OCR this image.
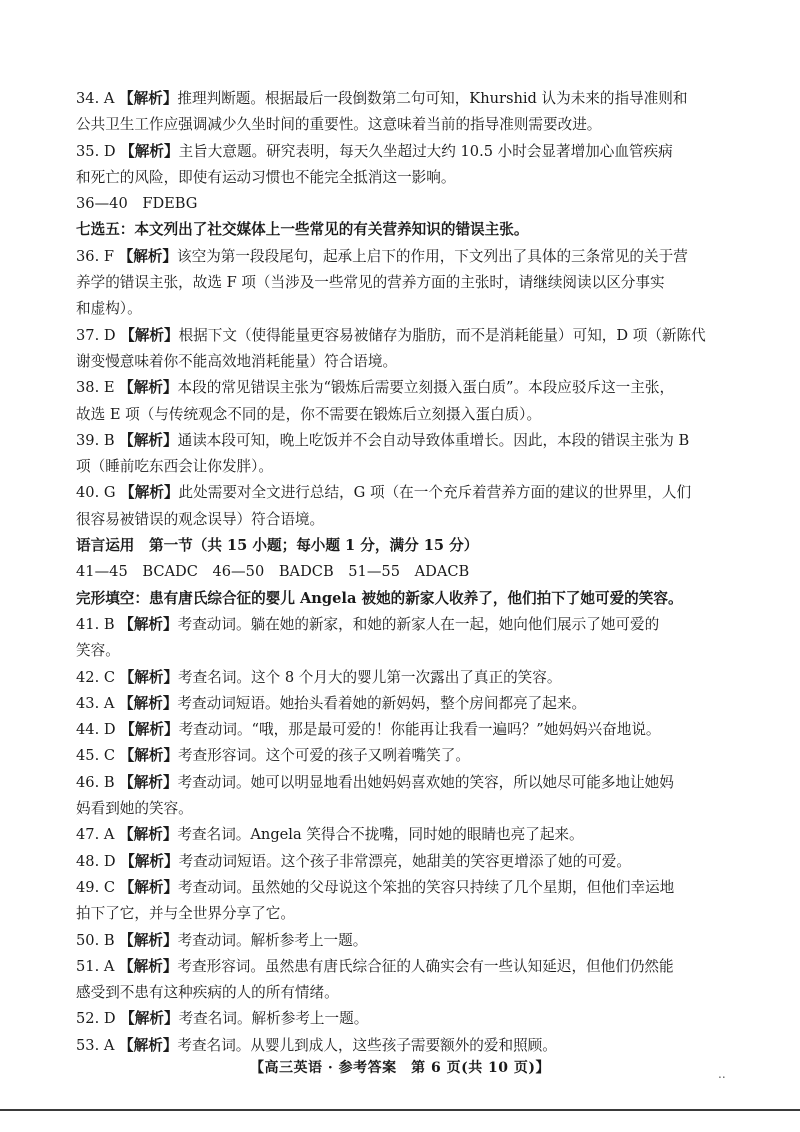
34. A 【解析】推理判断题。根据最后一段倒数第二句可知，Khurshid 认为未来的指导准则和
公共卫生工作应强调减少久坐时间的重要性。这意味着当前的指导准则需要改进。
35. D 【解析】主旨大意题。研究表明，每天久坐超过大约 10.5 小时会显著增加心血管疾病
和死亡的风险，即使有运动习惯也不能完全抵消这一影响。
36—40　FDEBG
七选五：本文列出了社交媒体上一些常见的有关营养知识的错误主张。
36. F 【解析】该空为第一段段尾句，起承上启下的作用，下文列出了具体的三条常见的关于营
养学的错误主张，故选 F 项（当涉及一些常见的营养方面的主张时，请继续阅读以区分事实
和虚构）。
37. D 【解析】根据下文（使得能量更容易被储存为脂肪，而不是消耗能量）可知，D 项（新陈代
谢变慢意味着你不能高效地消耗能量）符合语境。
38. E 【解析】本段的常见错误主张为“锻炼后需要立刻摄入蛋白质”。本段应驳斥这一主张，
故选 E 项（与传统观念不同的是，你不需要在锻炼后立刻摄入蛋白质）。
39. B 【解析】通读本段可知，晚上吃饭并不会自动导致体重增长。因此，本段的错误主张为 B
项（睡前吃东西会让你发胖）。
40. G 【解析】此处需要对全文进行总结，G 项（在一个充斥着营养方面的建议的世界里，人们
很容易被错误的观念误导）符合语境。
语言运用　第一节（共 15 小题；每小题 1 分，满分 15 分）
41—45　BCADC　46—50　BADCB　51—55　ADACB
完形填空：患有唐氏综合征的婴儿 Angela 被她的新家人收养了，他们拍下了她可爱的笑容。
41. B 【解析】考查动词。躺在她的新家，和她的新家人在一起，她向他们展示了她可爱的
笑容。
42. C 【解析】考查名词。这个 8 个月大的婴儿第一次露出了真正的笑容。
43. A 【解析】考查动词短语。她抬头看着她的新妈妈，整个房间都亮了起来。
44. D 【解析】考查动词。“哦，那是最可爱的！你能再让我看一遍吗？”她妈妈兴奋地说。
45. C 【解析】考查形容词。这个可爱的孩子又咧着嘴笑了。
46. B 【解析】考查动词。她可以明显地看出她妈妈喜欢她的笑容，所以她尽可能多地让她妈
妈看到她的笑容。
47. A 【解析】考查名词。Angela 笑得合不拢嘴，同时她的眼睛也亮了起来。
48. D 【解析】考查动词短语。这个孩子非常漂亮，她甜美的笑容更增添了她的可爱。
49. C 【解析】考查动词。虽然她的父母说这个笨拙的笑容只持续了几个星期，但他们幸运地
拍下了它，并与全世界分享了它。
50. B 【解析】考查动词。解析参考上一题。
51. A 【解析】考查形容词。虽然患有唐氏综合征的人确实会有一些认知延迟，但他们仍然能
感受到不患有这种疾病的人的所有情绪。
52. D 【解析】考查名词。解析参考上一题。
53. A 【解析】考查名词。从婴儿到成人，这些孩子需要额外的爱和照顾。
【高三英语 · 参考答案　第 6 页(共 10 页)】	..
